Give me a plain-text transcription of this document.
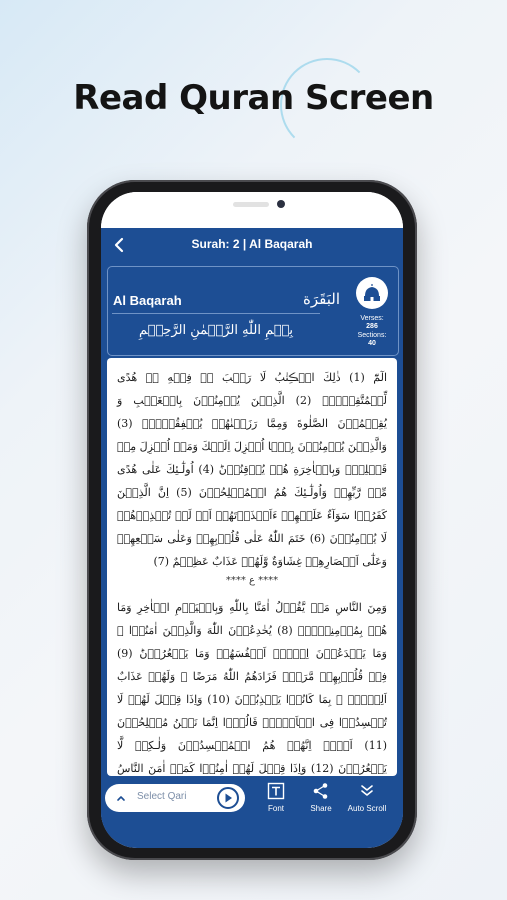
Read Quran Screen
Surah: 2 | Al Baqarah
Al Baqarah	البَقَرَة
بِسۡمِ اللّٰهِ الرَّحۡمٰنِ الرَّحِيۡمِ
Verses:
286
Sections:
40

الٓمّٓ (1) ذٰلِكَ الۡڪِتٰبُ لَا رَيۡبَ ۛۚ فِيۡهِ ۛۚ هُدًى لِّلۡمُتَّقِيۡنَۙ (2) الَّذِيۡنَ يُؤۡمِنُوۡنَ بِالۡغَيۡبِ وَ يُقِيۡمُوۡنَ الصَّلٰوةَ وَمِمَّا رَزَقۡنٰهُمۡ يُنۡفِقُوۡنَۙ (3) وَالَّذِيۡنَ يُؤۡمِنُوۡنَ بِمَۤا اُنۡزِلَ اِلَيۡكَ وَمَاۤ اُنۡزِلَ مِنۡ قَبۡلِكَۚ وَبِالۡاٰخِرَةِ هُمۡ يُوۡقِنُوۡنَؕ (4) اُولٰٓـئِكَ عَلٰى هُدًى مِّنۡ رَّبِّهِمۡ وَاُولٰٓـئِكَ هُمُ الۡمُفۡلِحُوۡنَ (5) اِنَّ الَّذِيۡنَ كَفَرُوۡا سَوَآءٌ عَلَيۡهِمۡ ءَاَنۡذَرۡتَهُمۡ اَمۡ لَمۡ تُنۡذِرۡهُمۡ لَا يُؤۡمِنُوۡنَ (6) خَتَمَ اللّٰهُ عَلٰى قُلُوۡبِهِمۡ وَعَلٰى سَمۡعِهِمۡ وَعَلٰٓى اَبۡصَارِهِمۡ غِشَاوَةٌ وَّلَهُمۡ عَذَابٌ عَظِيۡمٌ (7)

**** ع ****

وَمِنَ النَّاسِ مَنۡ يَّقُوۡلُ اٰمَنَّا بِاللّٰهِ وَبِالۡيَوۡمِ الۡاٰخِرِ وَمَا هُمۡ بِمُؤۡمِنِيۡنَۘ (8) يُخٰدِعُوۡنَ اللّٰهَ وَالَّذِيۡنَ اٰمَنُوۡا ۚ وَمَا يَخۡدَعُوۡنَ اِلَّاۤ اَنۡفُسَهُمۡ وَمَا يَشۡعُرُوۡنَؕ (9) فِىۡ قُلُوۡبِهِمۡ مَّرَضٌۙ فَزَادَهُمُ اللّٰهُ مَرَضًا ۚ وَلَهُمۡ عَذَابٌ اَلِيۡمٌۢ ۙ بِمَا كَانُوۡا يَكۡذِبُوۡنَ (10) وَاِذَا قِيۡلَ لَهُمۡ لَا تُفۡسِدُوۡا فِى الۡاَرۡضِۙ قَالُوۡۤا اِنَّمَا نَحۡنُ مُصۡلِحُوۡنَ (11) اَلَاۤ اِنَّهُمۡ هُمُ الۡمُفۡسِدُوۡنَ وَلٰـكِنۡ لَّا يَشۡعُرُوۡنَ (12) وَاِذَا قِيۡلَ لَهُمۡ اٰمِنُوۡا كَمَاۤ اٰمَنَ النَّاسُ

Select Qari
Font	Share	Auto Scroll
